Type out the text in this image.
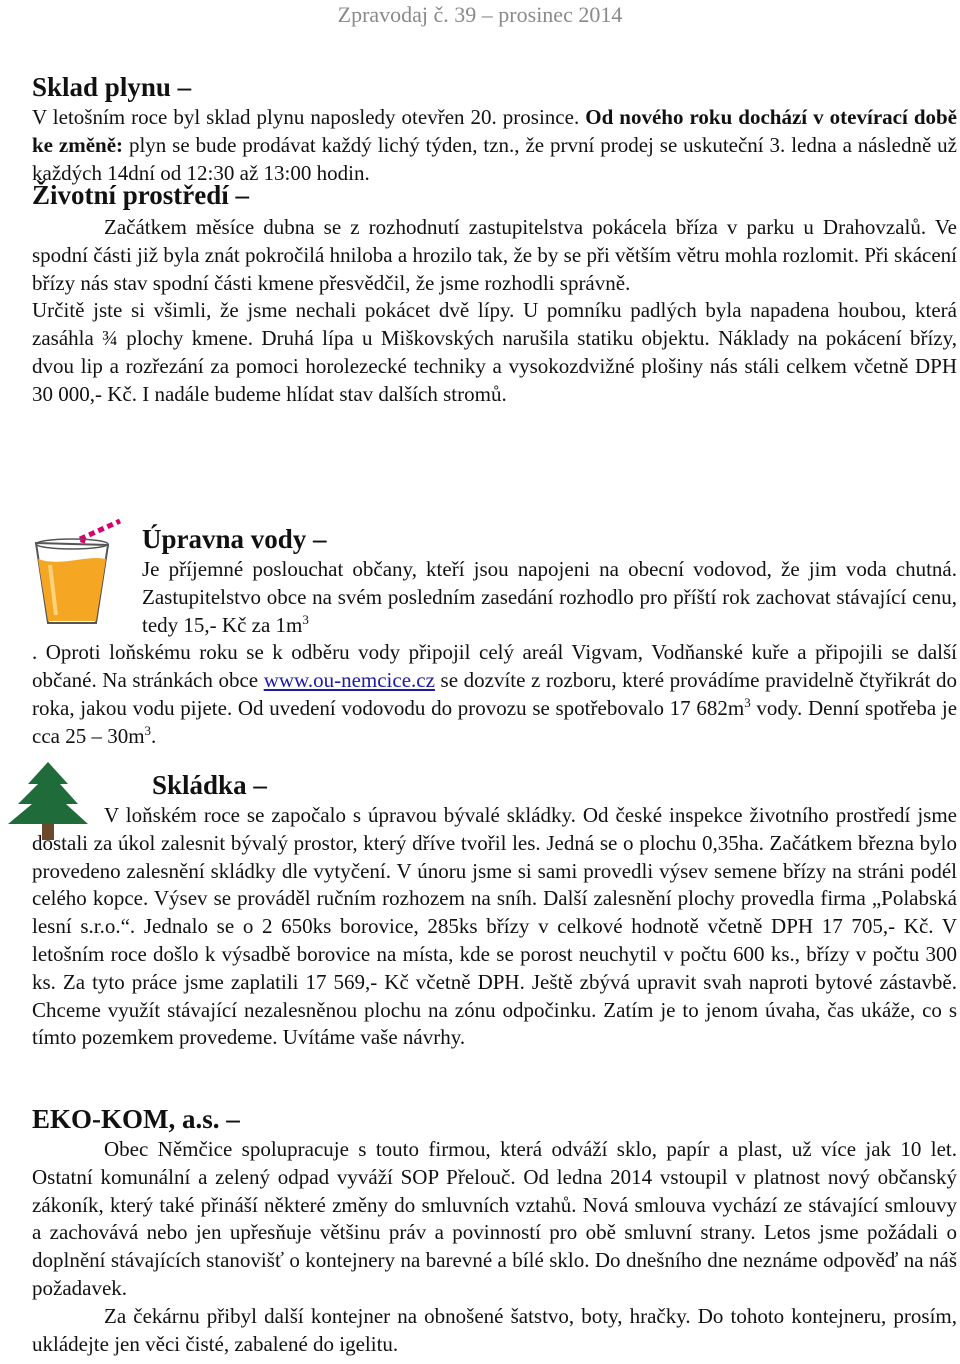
Zpravodaj č. 39 – prosinec 2014
Sklad plynu –

V letošním roce byl sklad plynu naposledy otevřen 20. prosince. Od nového roku dochází v otevírací době ke změně: plyn se bude prodávat každý lichý týden, tzn., že první prodej se uskuteční 3. ledna a následně už každých 14dní od 12:30 až 13:00 hodin.

Životní prostředí –

Začátkem měsíce dubna se z rozhodnutí zastupitelstva pokácela bříza v parku u Drahovzalů. Ve spodní části již byla znát pokročilá hniloba a hrozilo tak, že by se při větším větru mohla rozlomit. Při skácení břízy nás stav spodní části kmene přesvědčil, že jsme rozhodli správně.

Určitě jste si všimli, že jsme nechali pokácet dvě lípy. U pomníku padlých byla napadena houbou, která zasáhla ¾ plochy kmene. Druhá lípa u Miškovských narušila statiku objektu. Náklady na pokácení břízy, dvou lip a rozřezání za pomoci horolezecké techniky a vysokozdvižné plošiny nás stáli celkem včetně DPH 30 000,- Kč. I nadále budeme hlídat stav dalších stromů.

Úpravna vody –

Je příjemné poslouchat občany, kteří jsou napojeni na obecní vodovod, že jim voda chutná. Zastupitelstvo obce na svém posledním zasedání rozhodlo pro příští rok zachovat stávající cenu, tedy 15,- Kč za $1m^3$

. Oproti loňskému roku se k odběru vody připojil celý areál Vigvam, Vodňanské kuře a připojili se další občané. Na stránkách obce www.ou-nemcice.cz se dozvíte z rozboru, které provádíme pravidelně čtyřikrát do roka, jakou vodu pijete. Od uvedení vodovodu do provozu se spotřebovalo 17 $682m^3$ vody. Denní spotřeba je cca $25 - 30m^3$.

Skládka –

V loňském roce se započalo s úpravou bývalé skládky. Od české inspekce životního prostředí jsme dostali za úkol zalesnit bývalý prostor, který dříve tvořil les. Jedná se o plochu 0,35ha. Začátkem března bylo provedeno zalesnění skládky dle vytyčení. V únoru jsme si sami provedli výsev semene břízy na stráni podél celého kopce. Výsev se prováděl ručním rozhozem na sníh. Další zalesnění plochy provedla firma „Polabská lesní s.r.o.“. Jednalo se o 2 650ks borovice, 285ks břízy v celkové hodnotě včetně DPH 17 705,- Kč. V letošním roce došlo k výsadbě borovice na místa, kde se porost neuchytil v počtu 600 ks., břízy v počtu 300 ks. Za tyto práce jsme zaplatili 17 569,- Kč včetně DPH. Ještě zbývá upravit svah naproti bytové zástavbě. Chceme využít stávající nezalesněnou plochu na zónu odpočinku. Zatím je to jenom úvaha, čas ukáže, co s tímto pozemkem provedeme. Uvítáme vaše návrhy.

EKO-KOM, a.s. –

Obec Němčice spolupracuje s touto firmou, která odváží sklo, papír a plast, už více jak 10 let. Ostatní komunální a zelený odpad vyváží SOP Přelouč. Od ledna 2014 vstoupil v platnost nový občanský zákoník, který také přináší některé změny do smluvních vztahů. Nová smlouva vychází ze stávající smlouvy a zachovává nebo jen upřesňuje většinu práv a povinností pro obě smluvní strany. Letos jsme požádali o doplnění stávajících stanovišť o kontejnery na barevné a bílé sklo. Do dnešního dne neznáme odpověď na náš požadavek.

Za čekárnu přibyl další kontejner na obnošené šatstvo, boty, hračky. Do tohoto kontejneru, prosím, ukládejte jen věci čisté, zabalené do igelitu.
